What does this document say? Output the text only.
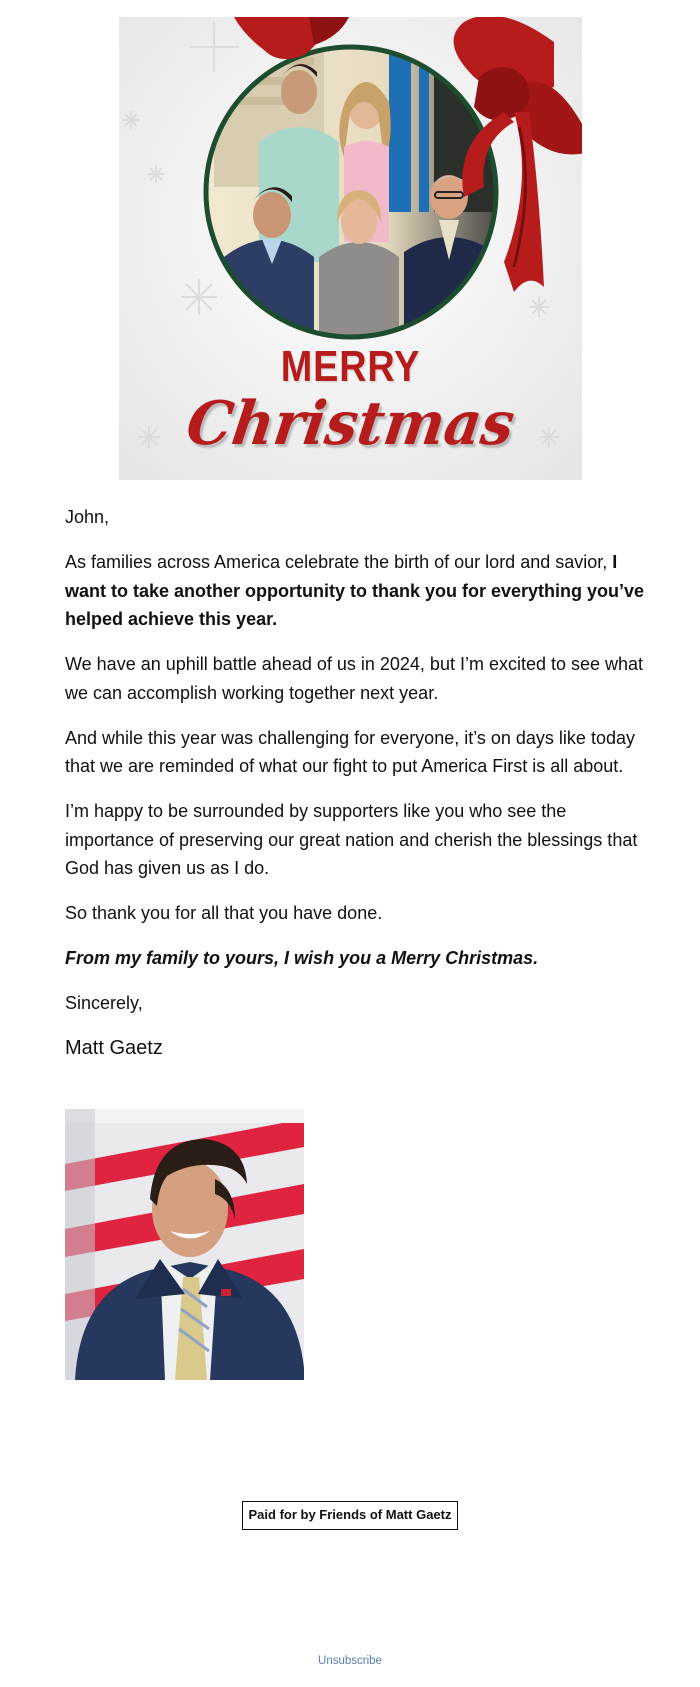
MERRY
Christmas

John,

As families across America celebrate the birth of our lord and savior, I want to take another opportunity to thank you for everything you’ve helped achieve this year.

We have an uphill battle ahead of us in 2024, but I’m excited to see what we can accomplish working together next year.

And while this year was challenging for everyone, it’s on days like today that we are reminded of what our fight to put America First is all about.

I’m happy to be surrounded by supporters like you who see the importance of preserving our great nation and cherish the blessings that God has given us as I do.

So thank you for all that you have done.

From my family to yours, I wish you a Merry Christmas.

Sincerely,

Matt Gaetz

Paid for by Friends of Matt Gaetz
Unsubscribe
